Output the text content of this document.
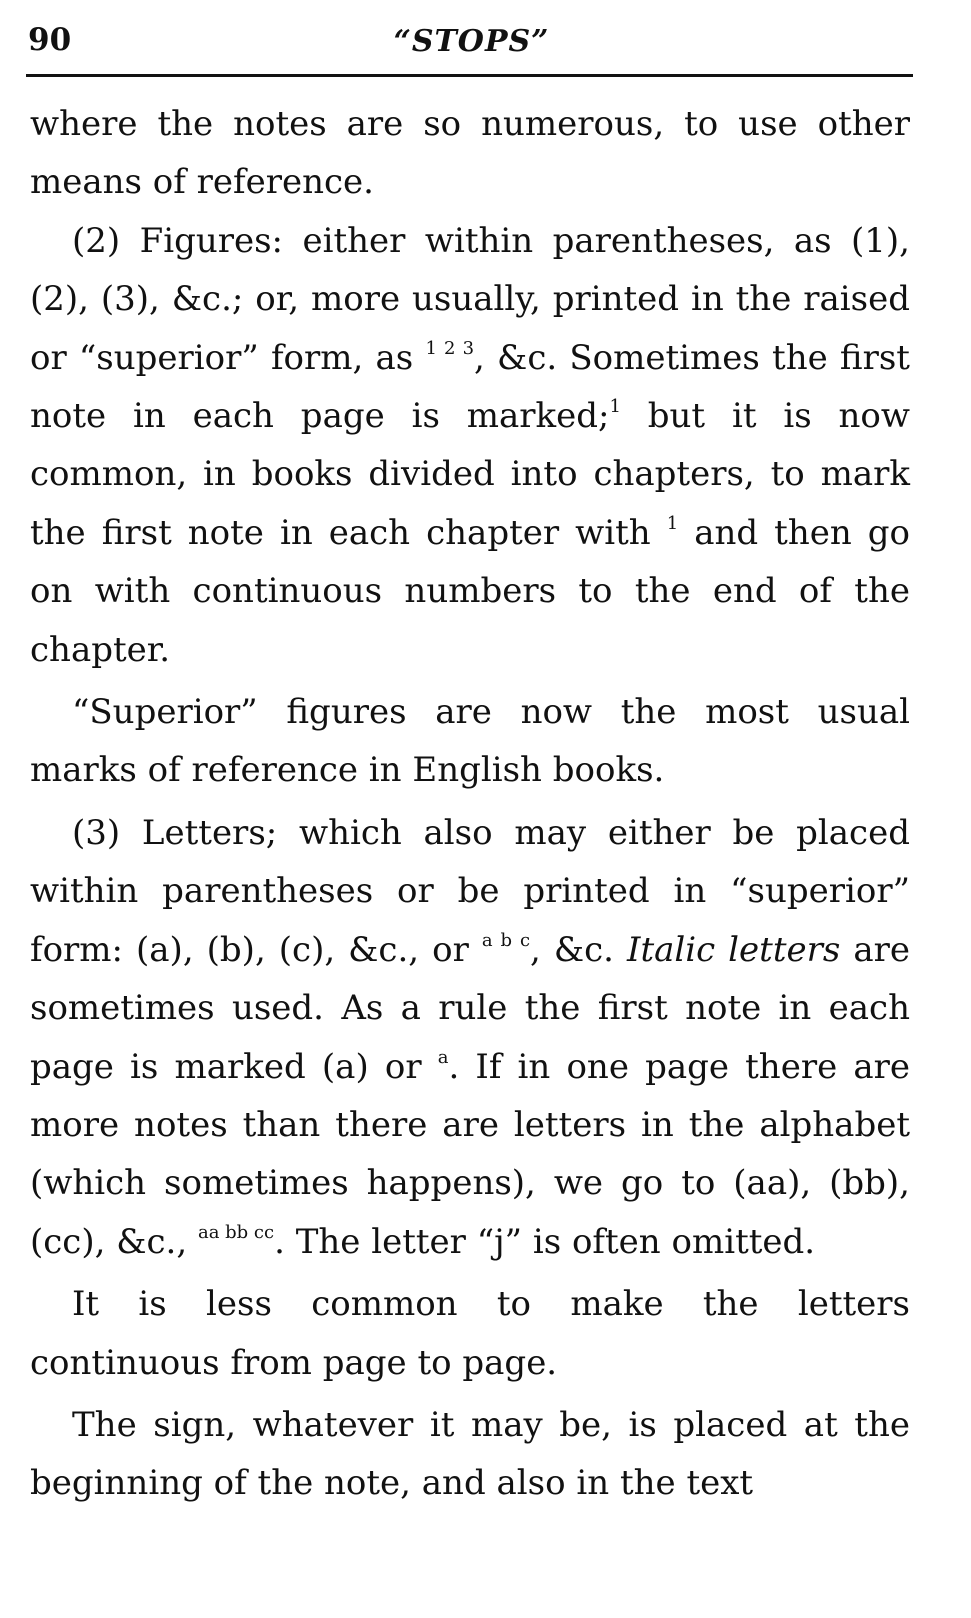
90	“STOPS”

where the notes are so numerous, to use other means of reference.

(2) Figures: either within parentheses, as (1), (2), (3), &c.; or, more usually, printed in the raised or “superior” form, as $^{1 2 3}$, &c. Sometimes the first note in each page is marked;$^1$ but it is now common, in books divided into chapters, to mark the first note in each chapter with $^1$ and then go on with continuous numbers to the end of the chapter.

“Superior” figures are now the most usual marks of reference in English books.

(3) Letters; which also may either be placed within parentheses or be printed in “superior” form: (a), (b), (c), &c., or $^{a b c}$, &c. Italic letters are sometimes used. As a rule the first note in each page is marked (a) or $^a$. If in one page there are more notes than there are letters in the alphabet (which sometimes happens), we go to (aa), (bb), (cc), &c., $^{aa bb cc}$. The letter “j” is often omitted.

It is less common to make the letters continuous from page to page.

The sign, whatever it may be, is placed at the beginning of the note, and also in the text
